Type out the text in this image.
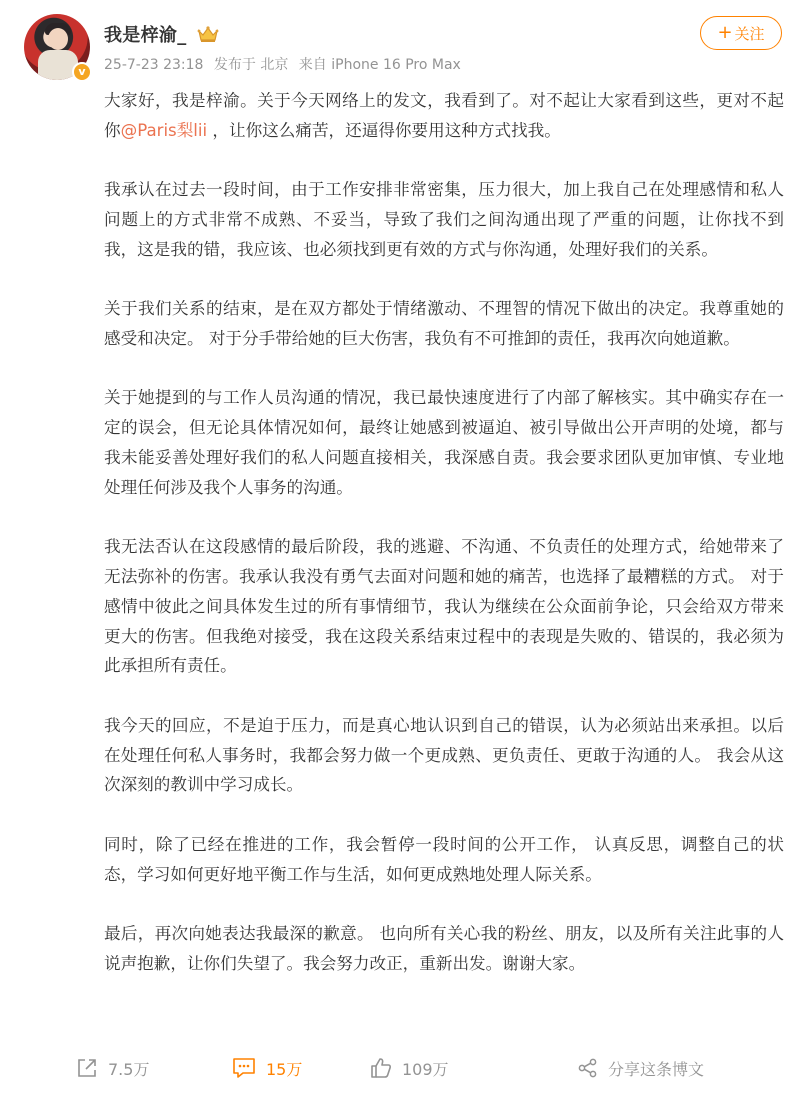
v
我是梓渝_
25-7-23 23:18 发布于 北京 来自 iPhone 16 Pro Max
+ 关注

大家好，我是梓渝。关于今天网络上的发文，我看到了。对不起让大家看到这些，更对不起你@Paris梨lii ，让你这么痛苦，还逼得你要用这种方式找我。

我承认在过去一段时间，由于工作安排非常密集，压力很大，加上我自己在处理感情和私人问题上的方式非常不成熟、不妥当，导致了我们之间沟通出现了严重的问题，让你找不到我，这是我的错，我应该、也必须找到更有效的方式与你沟通，处理好我们的关系。

关于我们关系的结束，是在双方都处于情绪激动、不理智的情况下做出的决定。我尊重她的感受和决定。 对于分手带给她的巨大伤害，我负有不可推卸的责任，我再次向她道歉。

关于她提到的与工作人员沟通的情况，我已最快速度进行了内部了解核实。其中确实存在一定的误会，但无论具体情况如何，最终让她感到被逼迫、被引导做出公开声明的处境，都与我未能妥善处理好我们的私人问题直接相关，我深感自责。我会要求团队更加审慎、专业地处理任何涉及我个人事务的沟通。

我无法否认在这段感情的最后阶段，我的逃避、不沟通、不负责任的处理方式，给她带来了无法弥补的伤害。我承认我没有勇气去面对问题和她的痛苦，也选择了最糟糕的方式。 对于感情中彼此之间具体发生过的所有事情细节，我认为继续在公众面前争论，只会给双方带来更大的伤害。但我绝对接受，我在这段关系结束过程中的表现是失败的、错误的，我必须为此承担所有责任。

我今天的回应，不是迫于压力，而是真心地认识到自己的错误，认为必须站出来承担。以后在处理任何私人事务时，我都会努力做一个更成熟、更负责任、更敢于沟通的人。 我会从这次深刻的教训中学习成长。

同时，除了已经在推进的工作，我会暂停一段时间的公开工作， 认真反思，调整自己的状态，学习如何更好地平衡工作与生活，如何更成熟地处理人际关系。

最后，再次向她表达我最深的歉意。 也向所有关心我的粉丝、朋友，以及所有关注此事的人说声抱歉，让你们失望了。我会努力改正，重新出发。谢谢大家。

7.5万	15万	109万	分享这条博文
